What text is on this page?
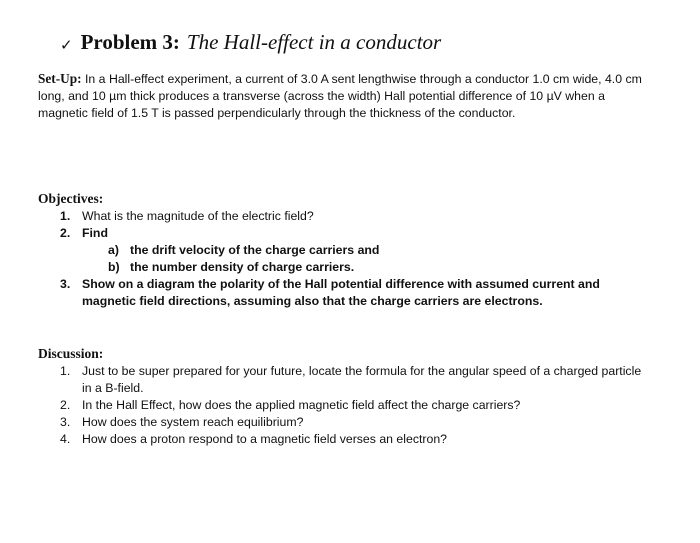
✓ Problem 3: The Hall-effect in a conductor
Set-Up: In a Hall-effect experiment, a current of 3.0 A sent lengthwise through a conductor 1.0 cm wide, 4.0 cm long, and 10 µm thick produces a transverse (across the width) Hall potential difference of 10 µV when a magnetic field of 1.5 T is passed perpendicularly through the thickness of the conductor.
Objectives:
1. What is the magnitude of the electric field?
2. Find
a) the drift velocity of the charge carriers and
b) the number density of charge carriers.
3. Show on a diagram the polarity of the Hall potential difference with assumed current and magnetic field directions, assuming also that the charge carriers are electrons.
Discussion:
1. Just to be super prepared for your future, locate the formula for the angular speed of a charged particle in a B-field.
2. In the Hall Effect, how does the applied magnetic field affect the charge carriers?
3. How does the system reach equilibrium?
4. How does a proton respond to a magnetic field verses an electron?
